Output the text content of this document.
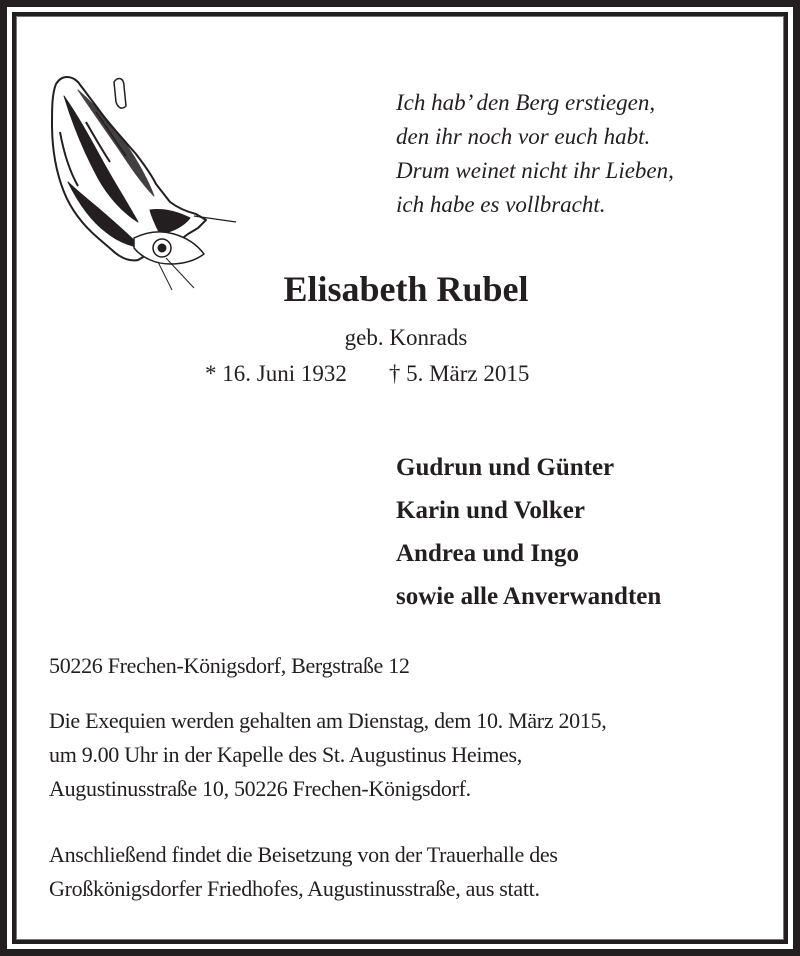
Ich hab’ den Berg erstiegen,
den ihr noch vor euch habt.
Drum weinet nicht ihr Lieben,
ich habe es vollbracht.
Elisabeth Rubel
geb. Konrads
* 16. Juni 1932 † 5. März 2015
Gudrun und Günter
Karin und Volker
Andrea und Ingo
sowie alle Anverwandten
50226 Frechen-Königsdorf, Bergstraße 12
Die Exequien werden gehalten am Dienstag, dem 10. März 2015,
um 9.00 Uhr in der Kapelle des St. Augustinus Heimes,
Augustinusstraße 10, 50226 Frechen-Königsdorf.
Anschließend findet die Beisetzung von der Trauerhalle des
Großkönigsdorfer Friedhofes, Augustinusstraße, aus statt.
